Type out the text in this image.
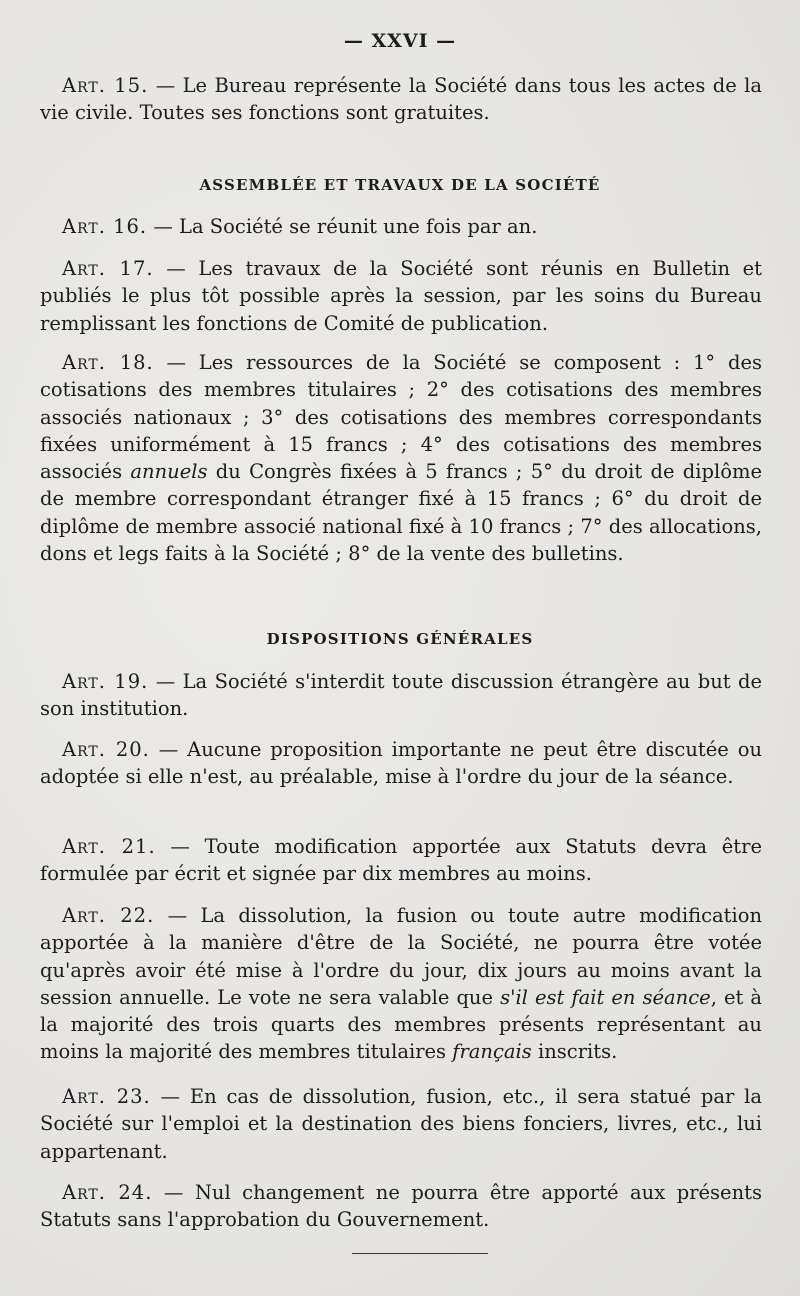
— XXVI —

Art. 15. — Le Bureau représente la Société dans tous les actes de la vie civile. Toutes ses fonctions sont gratuites.

ASSEMBLÉE ET TRAVAUX DE LA SOCIÉTÉ

Art. 16. — La Société se réunit une fois par an.

Art. 17. — Les travaux de la Société sont réunis en Bulletin et publiés le plus tôt possible après la session, par les soins du Bureau remplissant les fonctions de Comité de publication.

Art. 18. — Les ressources de la Société se composent : 1° des cotisations des membres titulaires ; 2° des cotisations des membres associés nationaux ; 3° des cotisations des membres correspondants fixées uniformément à 15 francs ; 4° des cotisations des membres associés annuels du Congrès fixées à 5 francs ; 5° du droit de diplôme de membre correspondant étranger fixé à 15 francs ; 6° du droit de diplôme de membre associé national fixé à 10 francs ; 7° des allocations, dons et legs faits à la Société ; 8° de la vente des bulletins.

DISPOSITIONS GÉNÉRALES

Art. 19. — La Société s'interdit toute discussion étrangère au but de son institution.

Art. 20. — Aucune proposition importante ne peut être discutée ou adoptée si elle n'est, au préalable, mise à l'ordre du jour de la séance.

Art. 21. — Toute modification apportée aux Statuts devra être formulée par écrit et signée par dix membres au moins.

Art. 22. — La dissolution, la fusion ou toute autre modification apportée à la manière d'être de la Société, ne pourra être votée qu'après avoir été mise à l'ordre du jour, dix jours au moins avant la session annuelle. Le vote ne sera valable que s'il est fait en séance, et à la majorité des trois quarts des membres présents représentant au moins la majorité des membres titulaires français inscrits.

Art. 23. — En cas de dissolution, fusion, etc., il sera statué par la Société sur l'emploi et la destination des biens fonciers, livres, etc., lui appartenant.

Art. 24. — Nul changement ne pourra être apporté aux présents Statuts sans l'approbation du Gouvernement.
